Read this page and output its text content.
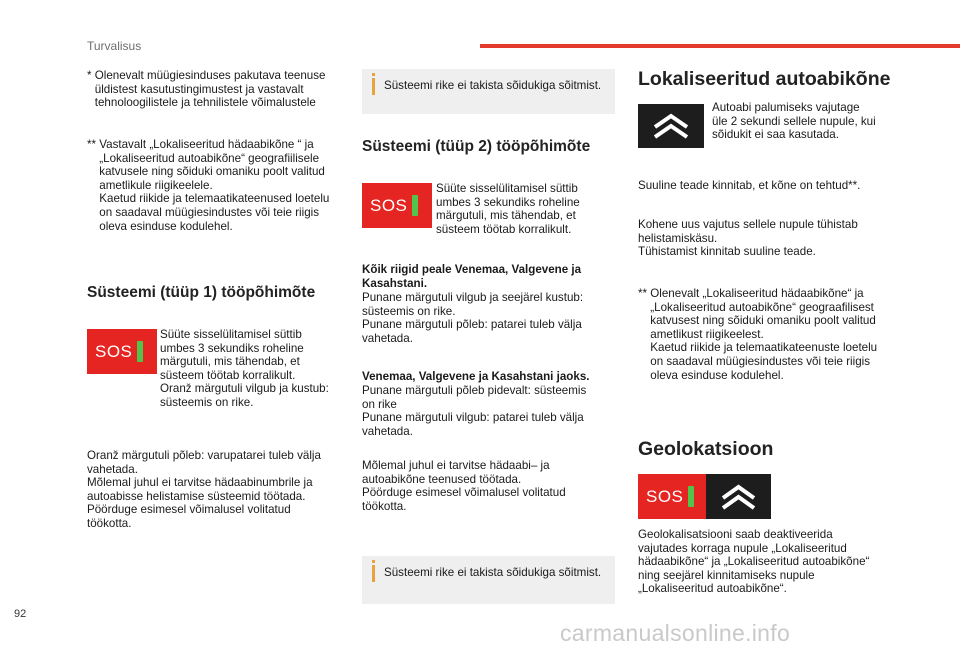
Turvalisus
*
Olenevalt müügiesinduses pakutava teenuse
üldistest kasutustingimustest ja vastavalt
tehnoloogilistele ja tehnilistele võimalustele
**
Vastavalt „Lokaliseeritud hädaabikõne “ ja
„Lokaliseeritud autoabikõne“ geografiilisele
katvusele ning sõiduki omaniku poolt valitud
ametlikule riigikeelele.
Kaetud riikide ja telemaatikateenused loetelu
on saadaval müügiesindustes või teie riigis
oleva esinduse kodulehel.
Süsteemi (tüüp 1) tööpõhimõte
SOS
Süüte sisselülitamisel süttib
umbes 3 sekundiks roheline
märgutuli, mis tähendab, et
süsteem töötab korralikult.
Oranž märgutuli vilgub ja kustub:
süsteemis on rike.
Oranž märgutuli põleb: varupatarei tuleb välja
vahetada.
Mõlemal juhul ei tarvitse hädaabinumbrile ja
autoabisse helistamise süsteemid töötada.
Pöörduge esimesel võimalusel volitatud
töökotta.
Süsteemi rike ei takista sõidukiga sõitmist.
Süsteemi (tüüp 2) tööpõhimõte
SOS
Süüte sisselülitamisel süttib
umbes 3 sekundiks roheline
märgutuli, mis tähendab, et
süsteem töötab korralikult.
Kõik riigid peale Venemaa, Valgevene ja
Kasahstani.
Punane märgutuli vilgub ja seejärel kustub:
süsteemis on rike.
Punane märgutuli põleb: patarei tuleb välja
vahetada.
Venemaa, Valgevene ja Kasahstani jaoks.
Punane märgutuli põleb pidevalt: süsteemis
on rike
Punane märgutuli vilgub: patarei tuleb välja
vahetada.
Mõlemal juhul ei tarvitse hädaabi– ja
autoabikõne teenused töötada.
Pöörduge esimesel võimalusel volitatud
töökotta.
Süsteemi rike ei takista sõidukiga sõitmist.
Lokaliseeritud autoabikõne
Autoabi palumiseks vajutage
üle 2 sekundi sellele nupule, kui
sõidukit ei saa kasutada.
Suuline teade kinnitab, et kõne on tehtud**.
Kohene uus vajutus sellele nupule tühistab
helistamiskäsu.
Tühistamist kinnitab suuline teade.
**
Olenevalt „Lokaliseeritud hädaabikõne“ ja
„Lokaliseeritud autoabikõne“ geograafilisest
katvusest ning sõiduki omaniku poolt valitud
ametlikust riigikeelest.
Kaetud riikide ja telemaatikateenuste loetelu
on saadaval müügiesindustes või teie riigis
oleva esinduse kodulehel.
Geolokatsioon
SOS
Geolokalisatsiooni saab deaktiveerida
vajutades korraga nupule „Lokaliseeritud
hädaabikõne“ ja „Lokaliseeritud autoabikõne“
ning seejärel kinnitamiseks nupule
„Lokaliseeritud autoabikõne“.
92
carmanualsonline.info
